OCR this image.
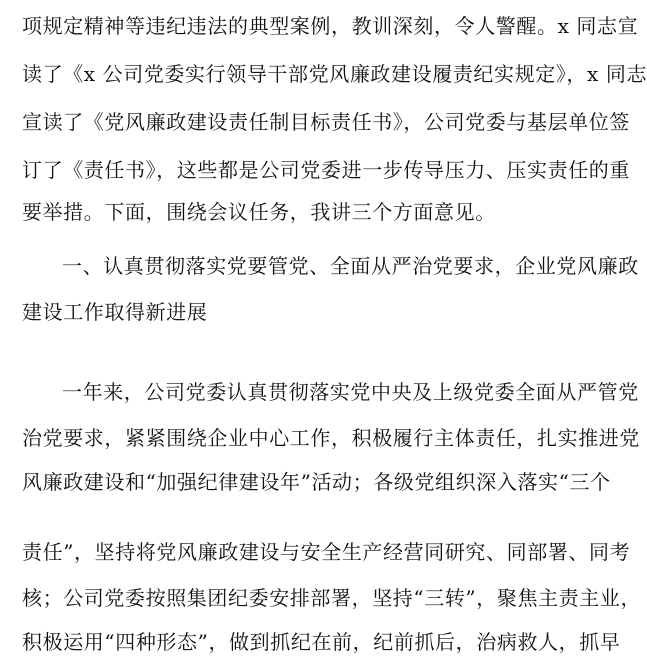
项规定精神等违纪违法的典型案例，教训深刻，令人警醒。x 同志宣
读了《x 公司党委实行领导干部党风廉政建设履责纪实规定》，x 同志
宣读了《党风廉政建设责任制目标责任书》，公司党委与基层单位签
订了《责任书》，这些都是公司党委进一步传导压力、压实责任的重
要举措。下面，围绕会议任务，我讲三个方面意见。
一、认真贯彻落实党要管党、全面从严治党要求，企业党风廉政
建设工作取得新进展
一年来，公司党委认真贯彻落实党中央及上级党委全面从严管党
治党要求，紧紧围绕企业中心工作，积极履行主体责任，扎实推进党
风廉政建设和“加强纪律建设年”活动；各级党组织深入落实“三个
责任”，坚持将党风廉政建设与安全生产经营同研究、同部署、同考
核；公司党委按照集团纪委安排部署，坚持“三转”，聚焦主责主业，
积极运用“四种形态”，做到抓纪在前，纪前抓后，治病救人，抓早
